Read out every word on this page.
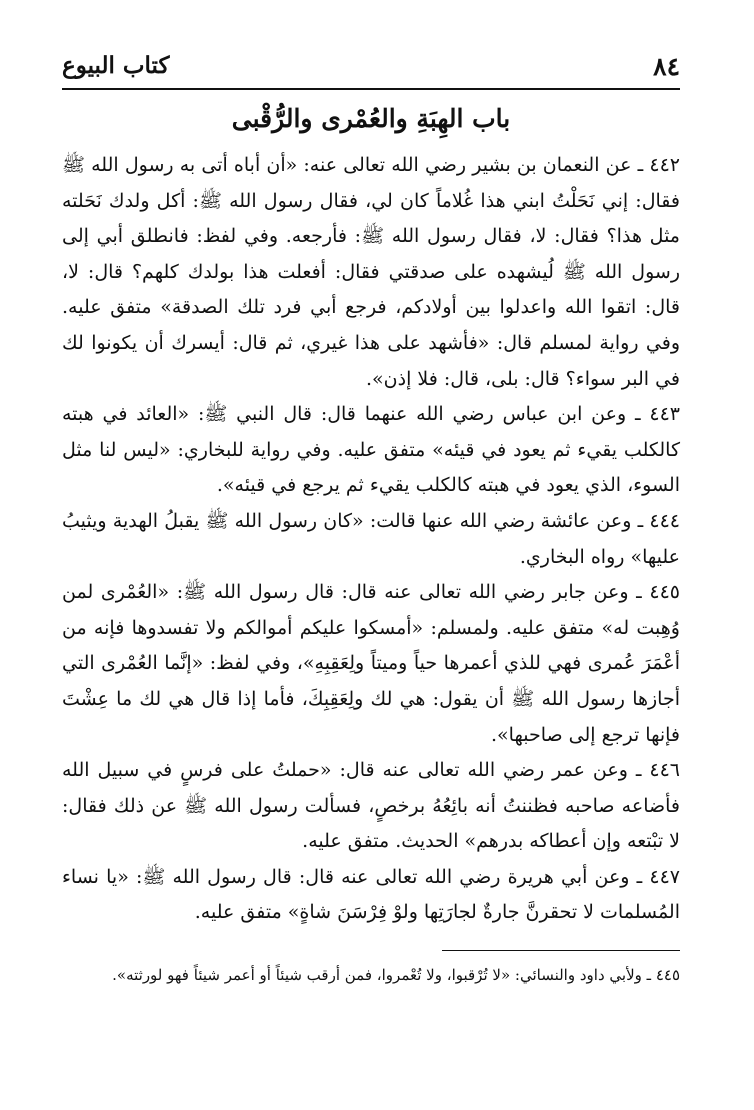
٨٤
كتاب البيوع
باب الهِبَةِ والعُمْرى والرُّقْبى

٤٤٢ ـ عن النعمان بن بشير رضي الله تعالى عنه: «أن أباه أتى به رسول الله ﷺ فقال: إني نَحَلْتُ ابني هذا غُلاماً كان لي، فقال رسول الله ﷺ: أكل ولدك نَحَلته مثل هذا؟ فقال: لا، فقال رسول الله ﷺ: فأرجعه. وفي لفظ: فانطلق أبي إلى رسول الله ﷺ لُيشهده على صدقتي فقال: أفعلت هذا بولدك كلهم؟ قال: لا، قال: اتقوا الله واعدلوا بين أولادكم، فرجع أبي فرد تلك الصدقة» متفق عليه. وفي رواية لمسلم قال: «فأشهد على هذا غيري، ثم قال: أيسرك أن يكونوا لك في البر سواء؟ قال: بلى، قال: فلا إذن».

٤٤٣ ـ وعن ابن عباس رضي الله عنهما قال: قال النبي ﷺ: «العائد في هبته كالكلب يقيء ثم يعود في قيئه» متفق عليه. وفي رواية للبخاري: «ليس لنا مثل السوء، الذي يعود في هبته كالكلب يقيء ثم يرجع في قيئه».

٤٤٤ ـ وعن عائشة رضي الله عنها قالت: «كان رسول الله ﷺ يقبلُ الهدية ويثيبُ عليها» رواه البخاري.

٤٤٥ ـ وعن جابر رضي الله تعالى عنه قال: قال رسول الله ﷺ: «العُمْرى لمن وُهِبت له» متفق عليه. ولمسلم: «أمسكوا عليكم أموالكم ولا تفسدوها فإنه من أعْمَرَ عُمرى فهي للذي أعمرها حياً وميتاً ولِعَقِبِهِ»، وفي لفظ: «إنَّما العُمْرى التي أجازها رسول الله ﷺ أن يقول: هي لك ولِعَقِبِكَ، فأما إذا قال هي لك ما عِشْتَ فإنها ترجع إلى صاحبها».

٤٤٦ ـ وعن عمر رضي الله تعالى عنه قال: «حملتُ على فرسٍ في سبيل الله فأضاعه صاحبه فظننتُ أنه بائِعُهُ برخصٍ، فسألت رسول الله ﷺ عن ذلك فقال: لا تبْتعه وإن أعطاكه بدرهم» الحديث. متفق عليه.

٤٤٧ ـ وعن أبي هريرة رضي الله تعالى عنه قال: قال رسول الله ﷺ: «يا نساء المُسلمات لا تحقرنَّ جارةٌ لجارَتِها ولوْ فِرْسَنَ شاةٍ» متفق عليه.

٤٤٥ ـ ولأبي داود والنسائي: «لا تُرْقبوا، ولا تُعْمروا، فمن أرقب شيئاً أو أعمر شيئاً فهو لورثته».
